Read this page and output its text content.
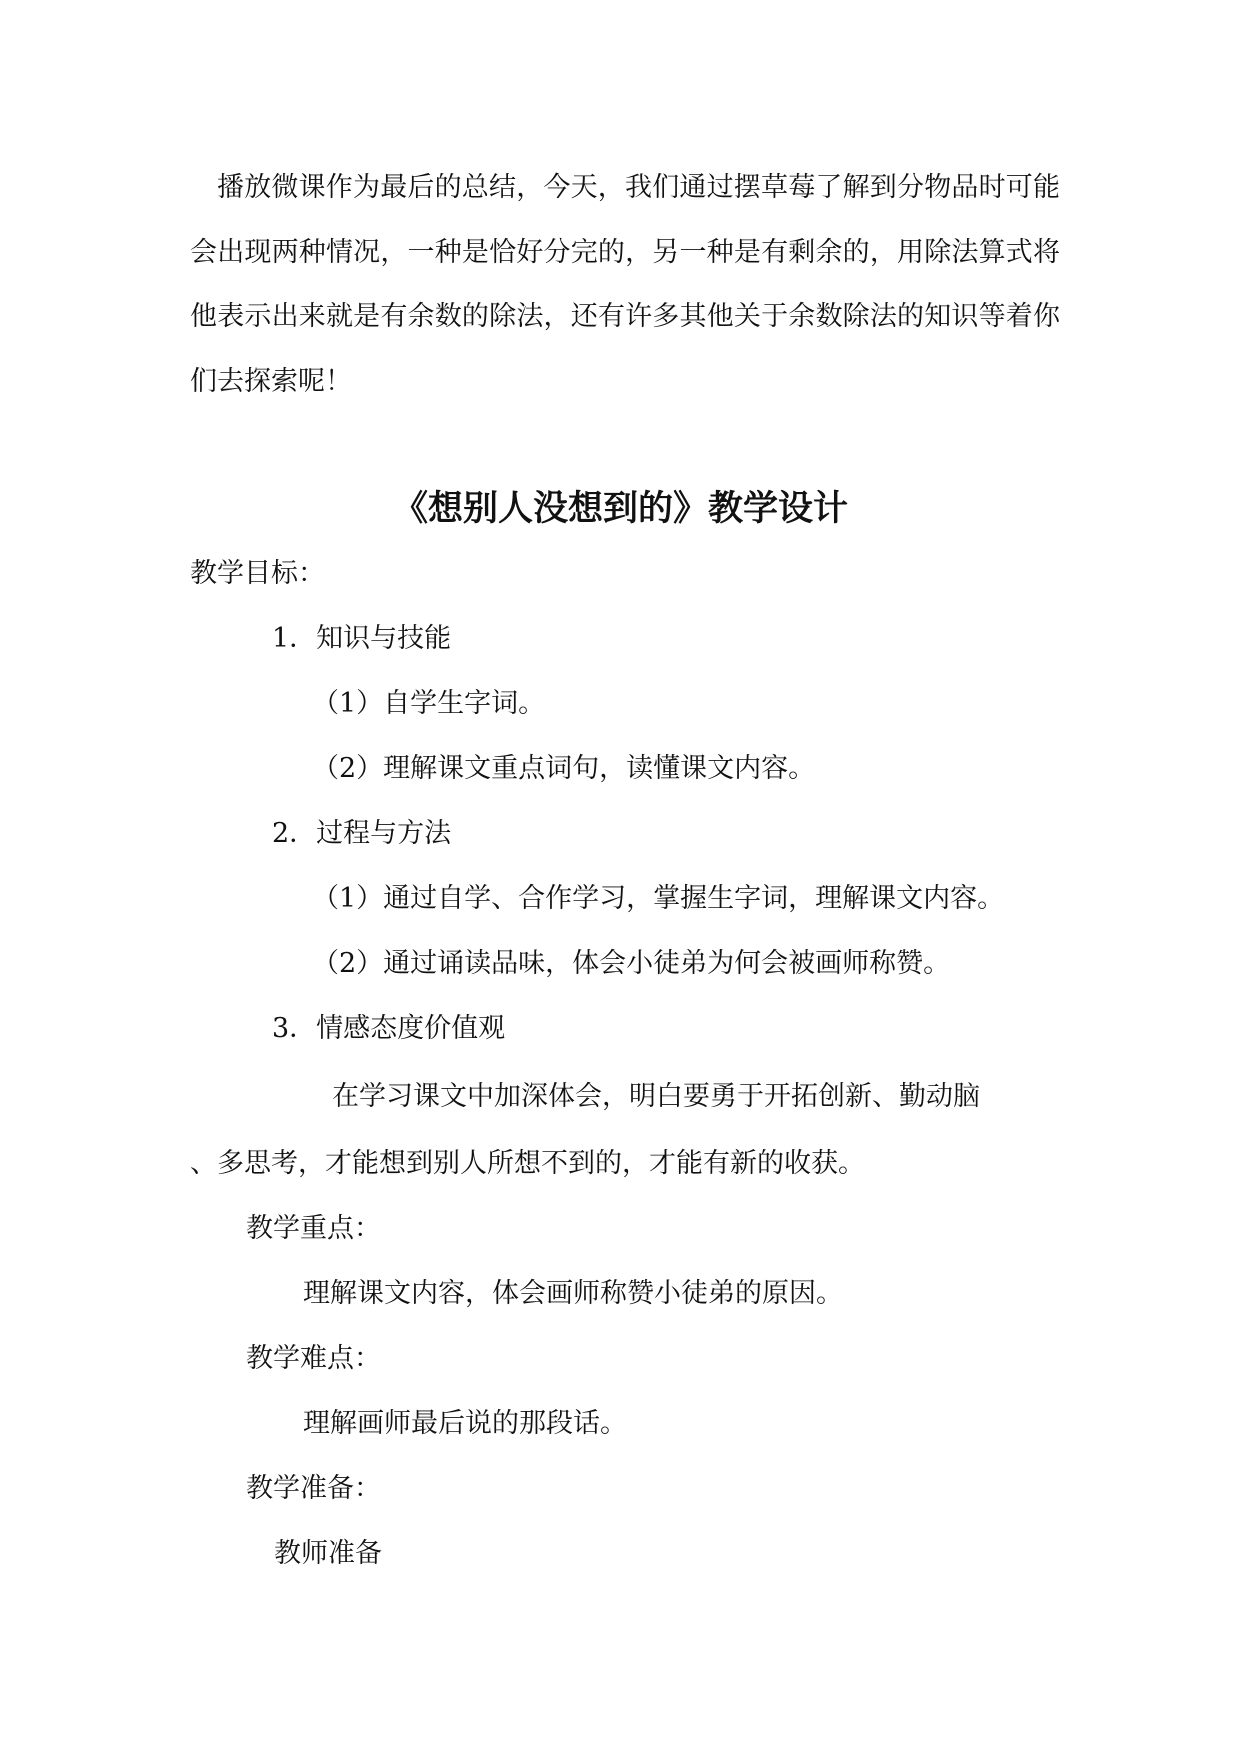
播放微课作为最后的总结，今天，我们通过摆草莓了解到分物品时可能会出现两种情况，一种是恰好分完的，另一种是有剩余的，用除法算式将他表示出来就是有余数的除法，还有许多其他关于余数除法的知识等着你们去探索呢！

《想别人没想到的》教学设计
教学目标：
1．知识与技能
（1）自学生字词。
（2）理解课文重点词句，读懂课文内容。
2．过程与方法
（1）通过自学、合作学习，掌握生字词，理解课文内容。
（2）通过诵读品味，体会小徒弟为何会被画师称赞。
3．情感态度价值观
在学习课文中加深体会，明白要勇于开拓创新、勤动脑
、多思考，才能想到别人所想不到的，才能有新的收获。
教学重点：
理解课文内容，体会画师称赞小徒弟的原因。
教学难点：
理解画师最后说的那段话。
教学准备：
教师准备
